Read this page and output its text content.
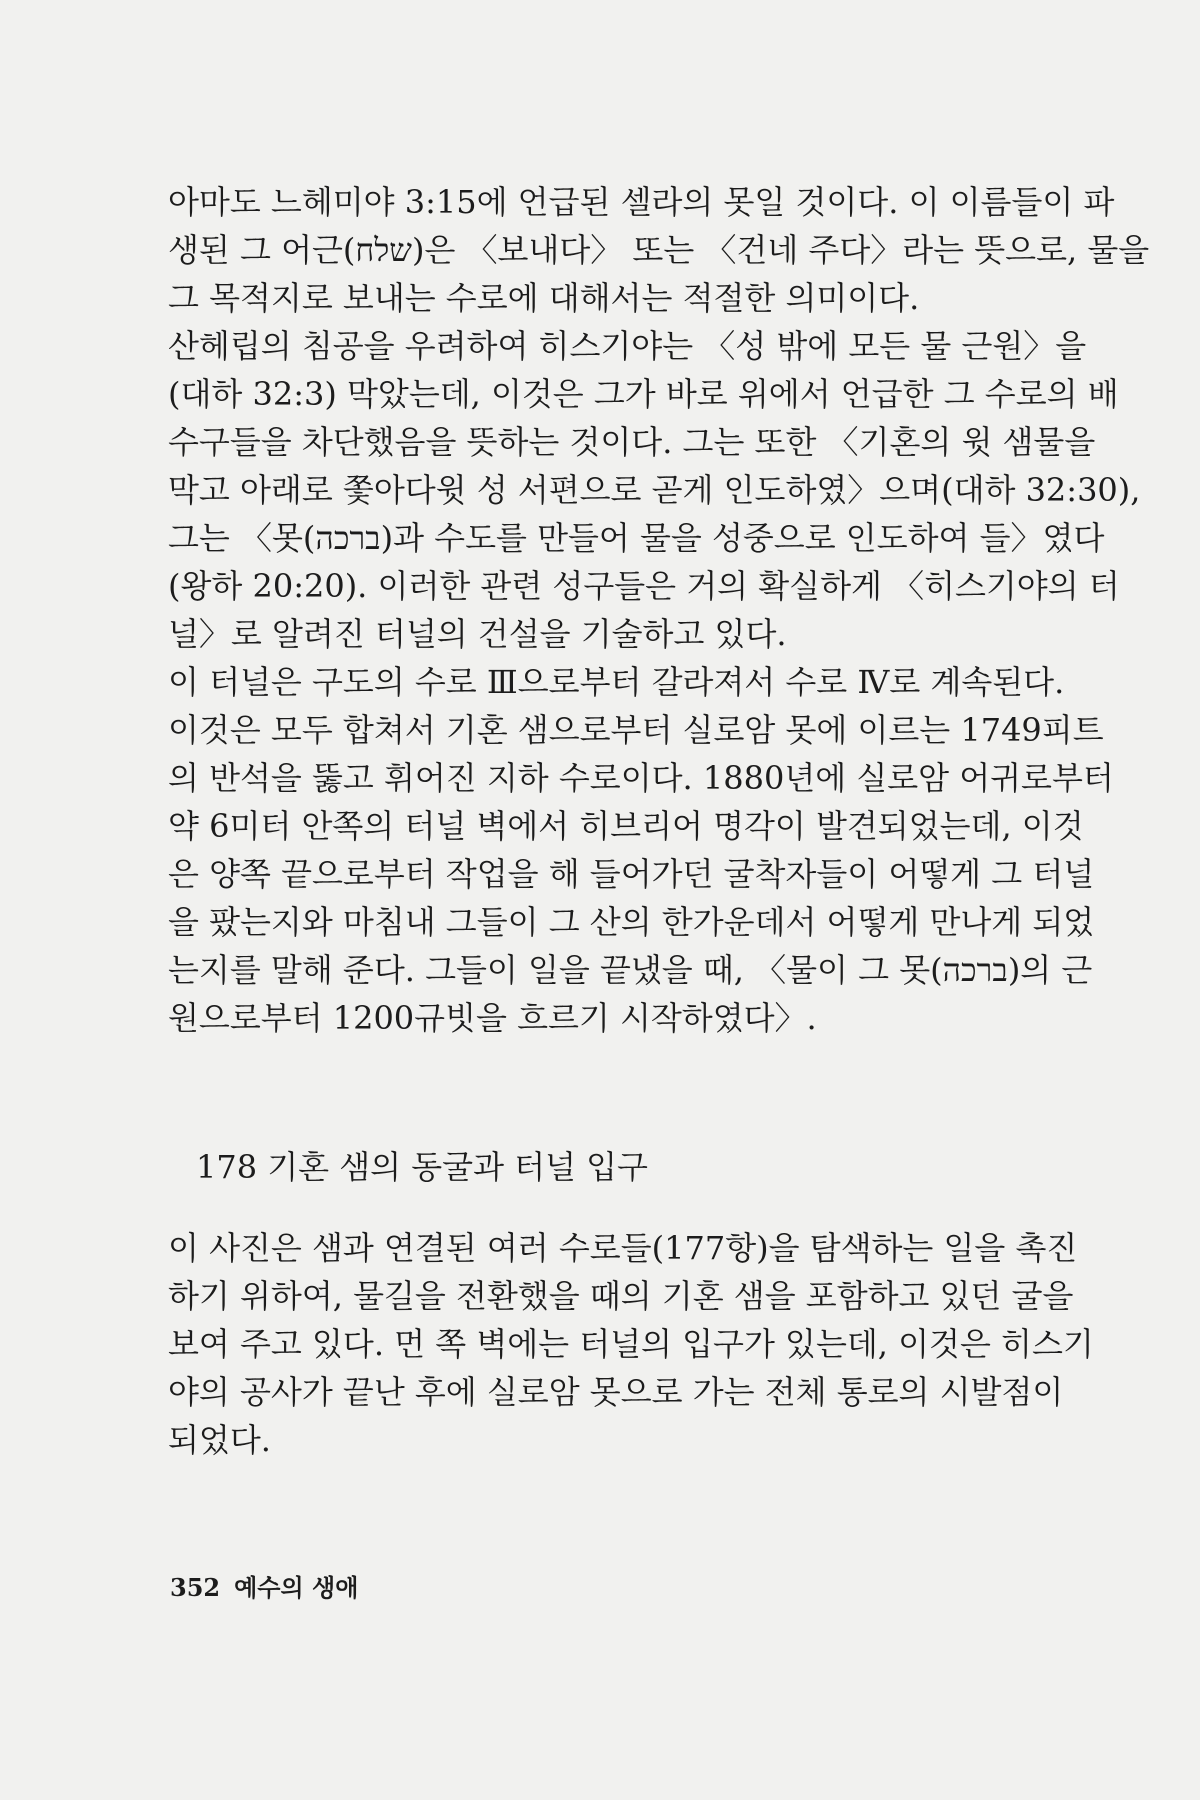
아마도 느헤미야 3:15에 언급된 셀라의 못일 것이다. 이 이름들이 파
생된 그 어근(שלח)은 〈보내다〉 또는 〈건네 주다〉라는 뜻으로, 물을
그 목적지로 보내는 수로에 대해서는 적절한 의미이다.
산헤립의 침공을 우려하여 히스기야는 〈성 밖에 모든 물 근원〉을
(대하 32:3) 막았는데, 이것은 그가 바로 위에서 언급한 그 수로의 배
수구들을 차단했음을 뜻하는 것이다. 그는 또한 〈기혼의 윗 샘물을
막고 아래로 쫓아다윗 성 서편으로 곧게 인도하였〉으며(대하 32:30),
그는 〈못(ברכה)과 수도를 만들어 물을 성중으로 인도하여 들〉였다
(왕하 20:20). 이러한 관련 성구들은 거의 확실하게 〈히스기야의 터
널〉로 알려진 터널의 건설을 기술하고 있다.
이 터널은 구도의 수로 Ⅲ으로부터 갈라져서 수로 Ⅳ로 계속된다.
이것은 모두 합쳐서 기혼 샘으로부터 실로암 못에 이르는 1749피트
의 반석을 뚫고 휘어진 지하 수로이다. 1880년에 실로암 어귀로부터
약 6미터 안쪽의 터널 벽에서 히브리어 명각이 발견되었는데, 이것
은 양쪽 끝으로부터 작업을 해 들어가던 굴착자들이 어떻게 그 터널
을 팠는지와 마침내 그들이 그 산의 한가운데서 어떻게 만나게 되었
는지를 말해 준다. 그들이 일을 끝냈을 때, 〈물이 그 못(ברכה)의 근
원으로부터 1200규빗을 흐르기 시작하였다〉.
178 기혼 샘의 동굴과 터널 입구
이 사진은 샘과 연결된 여러 수로들(177항)을 탐색하는 일을 촉진
하기 위하여, 물길을 전환했을 때의 기혼 샘을 포함하고 있던 굴을
보여 주고 있다. 먼 쪽 벽에는 터널의 입구가 있는데, 이것은 히스기
야의 공사가 끝난 후에 실로암 못으로 가는 전체 통로의 시발점이
되었다.
352 예수의 생애
